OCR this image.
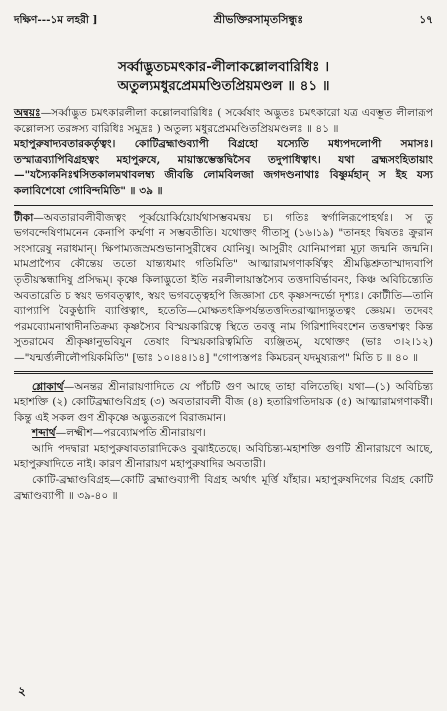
দক্ষিণ---১ম লহরী ]	শ্রীভক্তিরসামৃতসিন্ধুঃ	১৭
সর্ব্বাদ্ভুতচমৎকার-লীলাকল্লোলবারিধিঃ ।
অতুল্যমধুরপ্রেমমণ্ডিতপ্রিয়মণ্ডল ॥ ৪১ ॥

অন্বয়ঃ—সর্ব্বাদ্ভুত চমৎকারলীলা কল্লোলবারিধিঃ ( সর্ব্বেষাং অদ্ভুতঃ চমৎকারো যত্র এবম্ভূত লীলারূপ কল্লোলস্য তরঙ্গস্য বারিধিঃ সমুদ্রঃ ) অতুল্য মধুরপ্রেমমণ্ডিতপ্রিয়মণ্ডলঃ ॥ ৪১ ॥

মহাপুরুষাদ্যবতারকর্তৃত্বং। কোটিব্রহ্মাণ্ডব্যাপী বিগ্রহো যস্যেতি মধ্যপদলোপী সমাসঃ। তস্মাত্রব্যাপিবিগ্রহত্বং মহাপুরুষে, মায়াস্তম্ভেস্তদ্বিসৈব তদুপাধিত্বাৎ। যথা ব্রহ্মসংহিতায়াং—"যস্যৈকনিঃশ্বসিতকালমথাবলম্ব্য জীবন্তি লোমবিলজা জগদণ্ডনাথাঃ বিষ্ণুর্মহান্ স ইহ যস্য কলাবিশেষো গোবিন্দমিতি" ॥ ৩৯ ॥

টীকা—অবতারাবলীবীজত্বং পূর্ব্বয়োর্ব্বিয়োর্যথাসম্ভবমন্বয় চ। গতিঃ স্বর্গালিরূপোহর্থঃ। স তু ভগবন্দেষিণামনেন কেনাপি কর্ম্মণা ন সম্ভবতীতি। যথোক্তং গীতাসু (১৬।১৯) "তানহং দ্বিষতঃ ক্রুরান সংসারেষু নরাধমান্। ক্ষিপাম্যজস্রমশুভানাসুরীষ্বেব যোনিষু। আসুরীং যোনিমাপন্না মূঢ়া জন্মনি জন্মনি। মামপ্রাপ্যৈব কৌন্তেয় ততো যান্ত্যধমাং গতিমিতি" আত্মারামগণাকর্ষিত্বং শ্রীমদ্ভিশ্রুতাস্মাদ্যবাপি তৃতীয়স্কন্ধাদিষু প্রসিদ্ধম্। কৃষ্ণে কিলাদ্ভুতো ইতি নরলীলায়াস্তস্যৈব তত্তদাবির্ভাবনং, কিঞ্চ অবিচিন্ত্যেতি অবতারেতি চ স্বয়ং ভগবত্ত্বাৎ, স্বয়ং ভগবত্ত্বেহপি জিজ্ঞাসা চেৎ কৃষ্ণসন্দর্ভো দৃশ্যঃ। কোটীতি—তানি ব্যাপ্যাপি বৈকুণ্ঠাদি ব্যাপ্তিত্বাৎ, হতেতি—মোক্ষতৎক্রিপর্যন্ততত্তদিতরাত্মাদ্যন্তুতত্বং জ্ঞেয়ম। তদেবং পরমব্যোমনাথাদীনতিক্রম্য কৃষ্ণস্যৈব বিস্ময়কারিত্বে স্থিতে তবত্তু নাম গিরিশাদিবংশেন তত্তদ্বশত্বং কিন্ত সুতরামেব শ্রীকৃষ্ণানুভবিযুন তেষাং বিস্ময়কারিত্বমিতি ব্যঞ্জিতম্, যথোক্তং (ভাঃ ৩।২।১২)—"যন্মর্ত্ত্যলীলৌপয়িকমিতি" [ভাঃ ১০।৪৪।১৪] "গোপ্যস্তপঃ কিমচরন্ যদমুষ্যরূপ" মিতি চ ॥ ৪০ ॥

শ্লোকার্থ—অনন্তর শ্রীনারায়ণাদিতে যে পাঁচটি গুণ আছে তাহা বলিতেছি। যথা—(১) অবিচিন্ত্য মহাশক্তি (২) কোটিব্রহ্মাণ্ডবিগ্রহ (৩) অবতারাবলী বীজ (৪) হতারিগতিদায়ক (৫) আত্মারামগণাকর্ষী। কিন্তু এই সকল গুণ শ্রীকৃষ্ণে অদ্ভুতরূপে বিরাজমান।

শব্দার্থ—লক্ষ্মীশ—পরব্যোমপতি শ্রীনারায়ণ।

আদি পদদ্বারা মহাপুরুষাবতারাদিকেও বুঝাইতেছে। অবিচিন্ত্য-মহাশক্তি গুণটি শ্রীনারায়ণে আছে, মহাপুরুষাদিতে নাই। কারণ শ্রীনারায়ণ মহাপুরুষাদির অবতারী।

কোটি-ব্রহ্মাণ্ডবিগ্রহ—কোটি ব্রহ্মাণ্ডব্যাপী বিগ্রহ অর্থাৎ মূর্ত্তি যাঁহার। মহাপুরুষদিগের বিগ্রহ কোটি ব্রহ্মাণ্ডব্যাপী ॥ ৩৯-৪০ ॥

২
